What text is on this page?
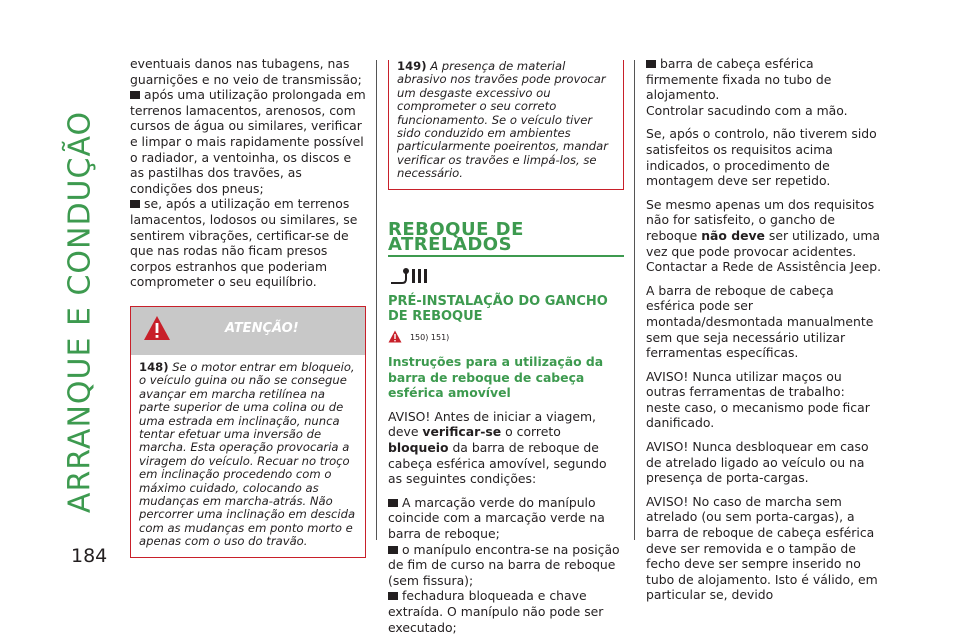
ARRANQUE E CONDUÇÃO
184

eventuais danos nas tubagens, nas guarnições e no veio de transmissão;

após uma utilização prolongada em terrenos lamacentos, arenosos, com cursos de água ou similares, verificar e limpar o mais rapidamente possível o radiador, a ventoinha, os discos e as pastilhas dos travões, as condições dos pneus;

se, após a utilização em terrenos lamacentos, lodosos ou similares, se sentirem vibrações, certificar-se de que nas rodas não ficam presos corpos estranhos que poderiam comprometer o seu equilíbrio.

ATENÇÃO!
148) Se o motor entrar em bloqueio, o veículo guina ou não se consegue avançar em marcha retilínea na parte superior de uma colina ou de uma estrada em inclinação, nunca tentar efetuar uma inversão de marcha. Esta operação provocaria a viragem do veículo. Recuar no troço em inclinação procedendo com o máximo cuidado, colocando as mudanças em marcha-atrás. Não percorrer uma inclinação em descida com as mudanças em ponto morto e apenas com o uso do travão.
149) A presença de material abrasivo nos travões pode provocar um desgaste excessivo ou comprometer o seu correto funcionamento. Se o veículo tiver sido conduzido em ambientes particularmente poeirentos, mandar verificar os travões e limpá-los, se necessário.
REBOQUE DE ATRELADOS
PRÉ-INSTALAÇÃO DO GANCHO DE REBOQUE
150) 151)
Instruções para a utilização da barra de reboque de cabeça esférica amovível

AVISO! Antes de iniciar a viagem, deve verificar-se o correto bloqueio da barra de reboque de cabeça esférica amovível, segundo as seguintes condições:

A marcação verde do manípulo coincide com a marcação verde na barra de reboque;

o manípulo encontra-se na posição de fim de curso na barra de reboque (sem fissura);

fechadura bloqueada e chave extraída. O manípulo não pode ser executado;

barra de cabeça esférica firmemente fixada no tubo de alojamento.

Controlar sacudindo com a mão.

Se, após o controlo, não tiverem sido satisfeitos os requisitos acima indicados, o procedimento de montagem deve ser repetido.

Se mesmo apenas um dos requisitos não for satisfeito, o gancho de reboque não deve ser utilizado, uma vez que pode provocar acidentes. Contactar a Rede de Assistência Jeep.

A barra de reboque de cabeça esférica pode ser montada/desmontada manualmente sem que seja necessário utilizar ferramentas específicas.

AVISO! Nunca utilizar maços ou outras ferramentas de trabalho: neste caso, o mecanismo pode ficar danificado.

AVISO! Nunca desbloquear em caso de atrelado ligado ao veículo ou na presença de porta-cargas.

AVISO! No caso de marcha sem atrelado (ou sem porta-cargas), a barra de reboque de cabeça esférica deve ser removida e o tampão de fecho deve ser sempre inserido no tubo de alojamento. Isto é válido, em particular se, devido
